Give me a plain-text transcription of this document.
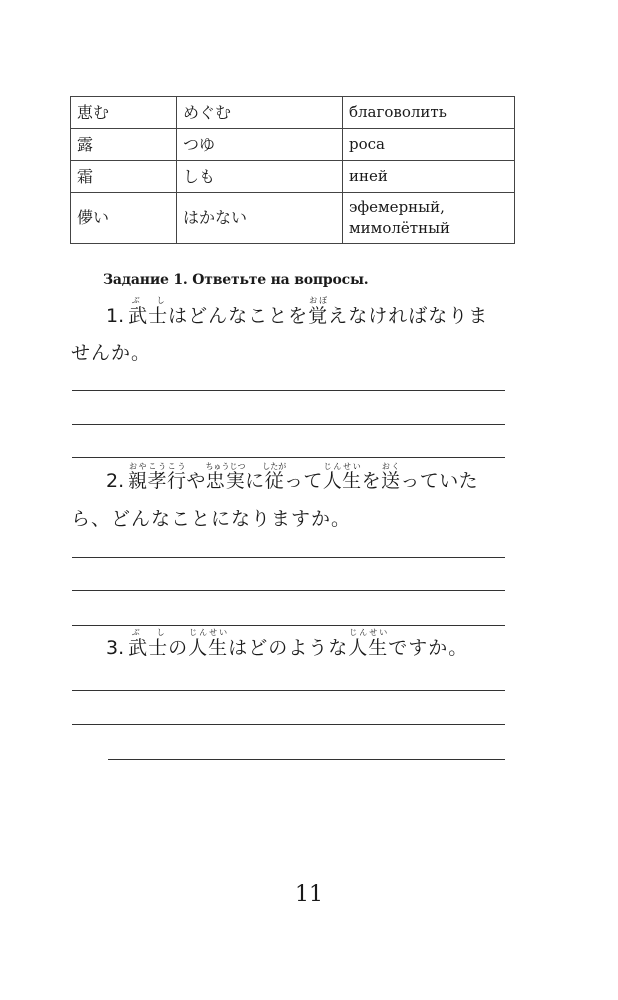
恵む	めぐむ	благоволить
露	つゆ	роса
霜	しも	иней
儚い	はかない	эфемерный,
мимолётный
Задание 1. Ответьте на вопросы.
1. 武士ぶ しはどんなことを覚おぼえなければなりま
せんか。
2. 親孝行おやこうこうや忠実ちゅうじつに従したがって人生じんせいを送おくっていた
ら、どんなことになりますか。
3. 武士ぶ しの人生じんせいはどのような人生じんせいですか。
11
